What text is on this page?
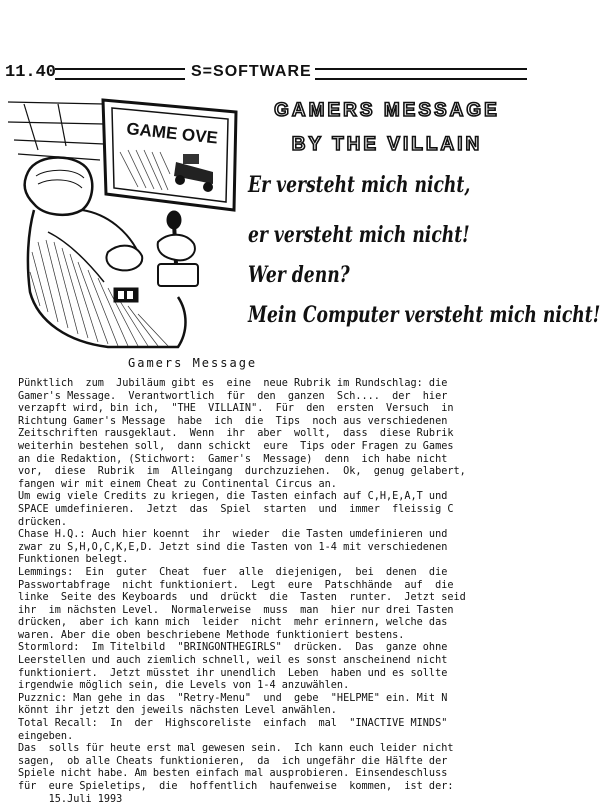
11.40	S=SOFTWARE
GAME OVE
GAMERS MESSAGE
BY THE VILLAIN
Er versteht mich nicht,
er versteht mich nicht!
Wer denn?
Mein Computer versteht mich nicht!
Gamers Message
Pünktlich  zum  Jubiläum gibt es  eine  neue Rubrik im Rundschlag: die
Gamer's Message.  Verantwortlich  für  den  ganzen  Sch....  der  hier
verzapft wird, bin ich,  "THE  VILLAIN".  Für  den  ersten  Versuch  in
Richtung Gamer's Message  habe  ich  die  Tips  noch aus verschiedenen
Zeitschriften rausgeklaut.  Wenn  ihr  aber  wollt,  dass  diese Rubrik
weiterhin bestehen soll,  dann schickt  eure  Tips oder Fragen zu Games
an die Redaktion, (Stichwort:  Gamer's  Message)  denn  ich habe nicht
vor,  diese  Rubrik  im  Alleingang  durchzuziehen.  Ok,  genug gelabert,
fangen wir mit einem Cheat zu Continental Circus an.
Um ewig viele Credits zu kriegen, die Tasten einfach auf C,H,E,A,T und
SPACE umdefinieren.  Jetzt  das  Spiel  starten  und  immer  fleissig C
drücken.
Chase H.Q.: Auch hier koennt  ihr  wieder  die Tasten umdefinieren und
zwar zu S,H,O,C,K,E,D. Jetzt sind die Tasten von 1-4 mit verschiedenen
Funktionen belegt.
Lemmings:  Ein  guter  Cheat  fuer  alle  diejenigen,  bei  denen  die
Passwortabfrage  nicht funktioniert.  Legt  eure  Patschhände  auf  die
linke  Seite des Keyboards  und  drückt  die  Tasten  runter.  Jetzt seid
ihr  im nächsten Level.  Normalerweise  muss  man  hier nur drei Tasten
drücken,  aber ich kann mich  leider  nicht  mehr erinnern, welche das
waren. Aber die oben beschriebene Methode funktioniert bestens.
Stormlord:  Im Titelbild  "BRINGONTHEGIRLS"  drücken.  Das  ganze ohne
Leerstellen und auch ziemlich schnell, weil es sonst anscheinend nicht
funktioniert.  Jetzt müsstet ihr unendlich  Leben  haben und es sollte
irgendwie möglich sein, die Levels von 1-4 anzuwählen.
Puzznic: Man gehe in das  "Retry-Menu"  und  gebe  "HELPME" ein. Mit N
könnt ihr jetzt den jeweils nächsten Level anwählen.
Total Recall:  In  der  Highscoreliste  einfach  mal  "INACTIVE MINDS"
eingeben.
Das  solls für heute erst mal gewesen sein.  Ich kann euch leider nicht
sagen,  ob alle Cheats funktionieren,  da  ich ungefähr die Hälfte der
Spiele nicht habe. Am besten einfach mal ausprobieren. Einsendeschluss
für  eure Spieletips,  die  hoffentlich  haufenweise  kommen,  ist der:
15.Juli 1993
